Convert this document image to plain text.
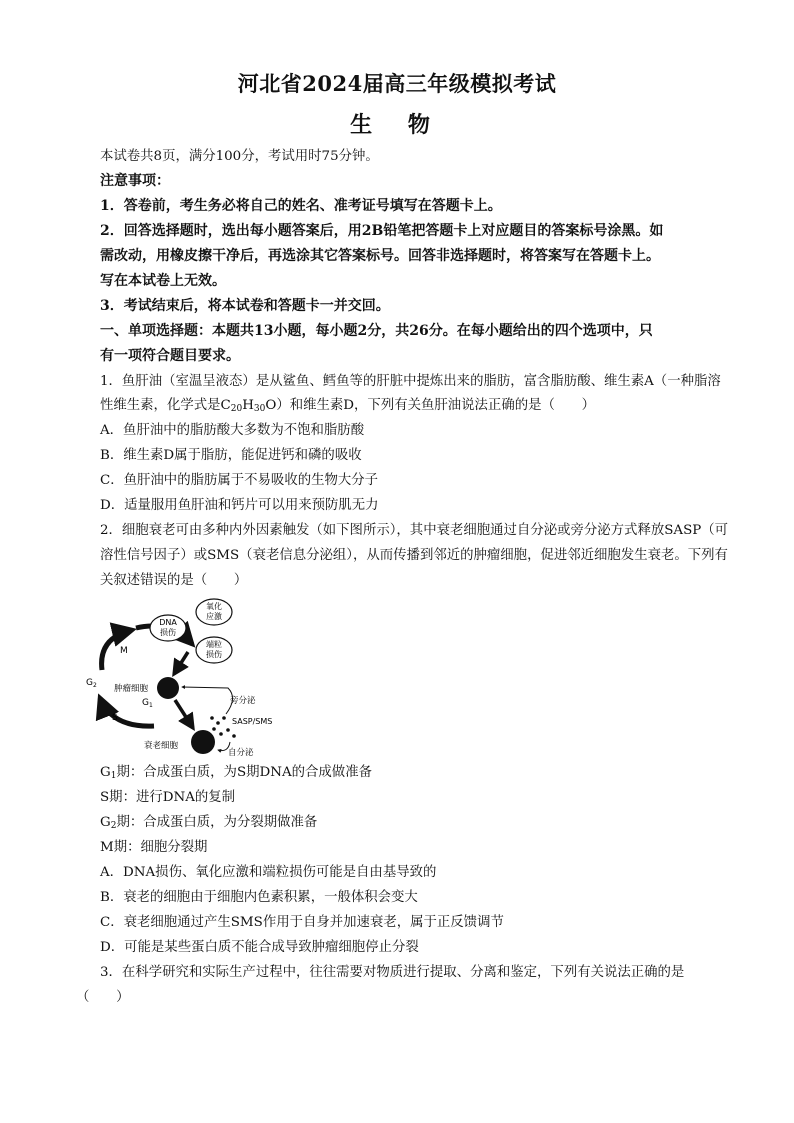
河北省2024届高三年级模拟考试
生 物
本试卷共8页，满分100分，考试用时75分钟。
注意事项：
1．答卷前，考生务必将自己的姓名、准考证号填写在答题卡上。
2．回答选择题时，选出每小题答案后，用2B铅笔把答题卡上对应题目的答案标号涂黑。如
需改动，用橡皮擦干净后，再选涂其它答案标号。回答非选择题时，将答案写在答题卡上。
写在本试卷上无效。
3．考试结束后，将本试卷和答题卡一并交回。
一、单项选择题：本题共13小题，每小题2分，共26分。在每小题给出的四个选项中，只
有一项符合题目要求。
1．鱼肝油（室温呈液态）是从鲨鱼、鳕鱼等的肝脏中提炼出来的脂肪，富含脂肪酸、维生素A（一种脂溶
性维生素，化学式是$C_{20}H_{30}O$）和维生素D，下列有关鱼肝油说法正确的是（　　）
A．鱼肝油中的脂肪酸大多数为不饱和脂肪酸
B．维生素D属于脂肪，能促进钙和磷的吸收
C．鱼肝油中的脂肪属于不易吸收的生物大分子
D．适量服用鱼肝油和钙片可以用来预防肌无力
2．细胞衰老可由多种内外因素触发（如下图所示），其中衰老细胞通过自分泌或旁分泌方式释放SASP（可
溶性信号因子）或SMS（衰老信息分泌组），从而传播到邻近的肿瘤细胞，促进邻近细胞发生衰老。下列有
关叙述错误的是（　　）
DNA
损伤
氧化
应激
端粒
损伤
M
$G_2$
S
$G_1$
肿瘤细胞
衰老细胞
旁分泌
SASP/SMS
自分泌
$G_1$期：合成蛋白质，为S期DNA的合成做准备
S期：进行DNA的复制
$G_2$期：合成蛋白质，为分裂期做准备
M期：细胞分裂期
A．DNA损伤、氧化应激和端粒损伤可能是自由基导致的
B．衰老的细胞由于细胞内色素积累，一般体积会变大
C．衰老细胞通过产生SMS作用于自身并加速衰老，属于正反馈调节
D．可能是某些蛋白质不能合成导致肿瘤细胞停止分裂
3．在科学研究和实际生产过程中，往往需要对物质进行提取、分离和鉴定，下列有关说法正确的是
（　　）
